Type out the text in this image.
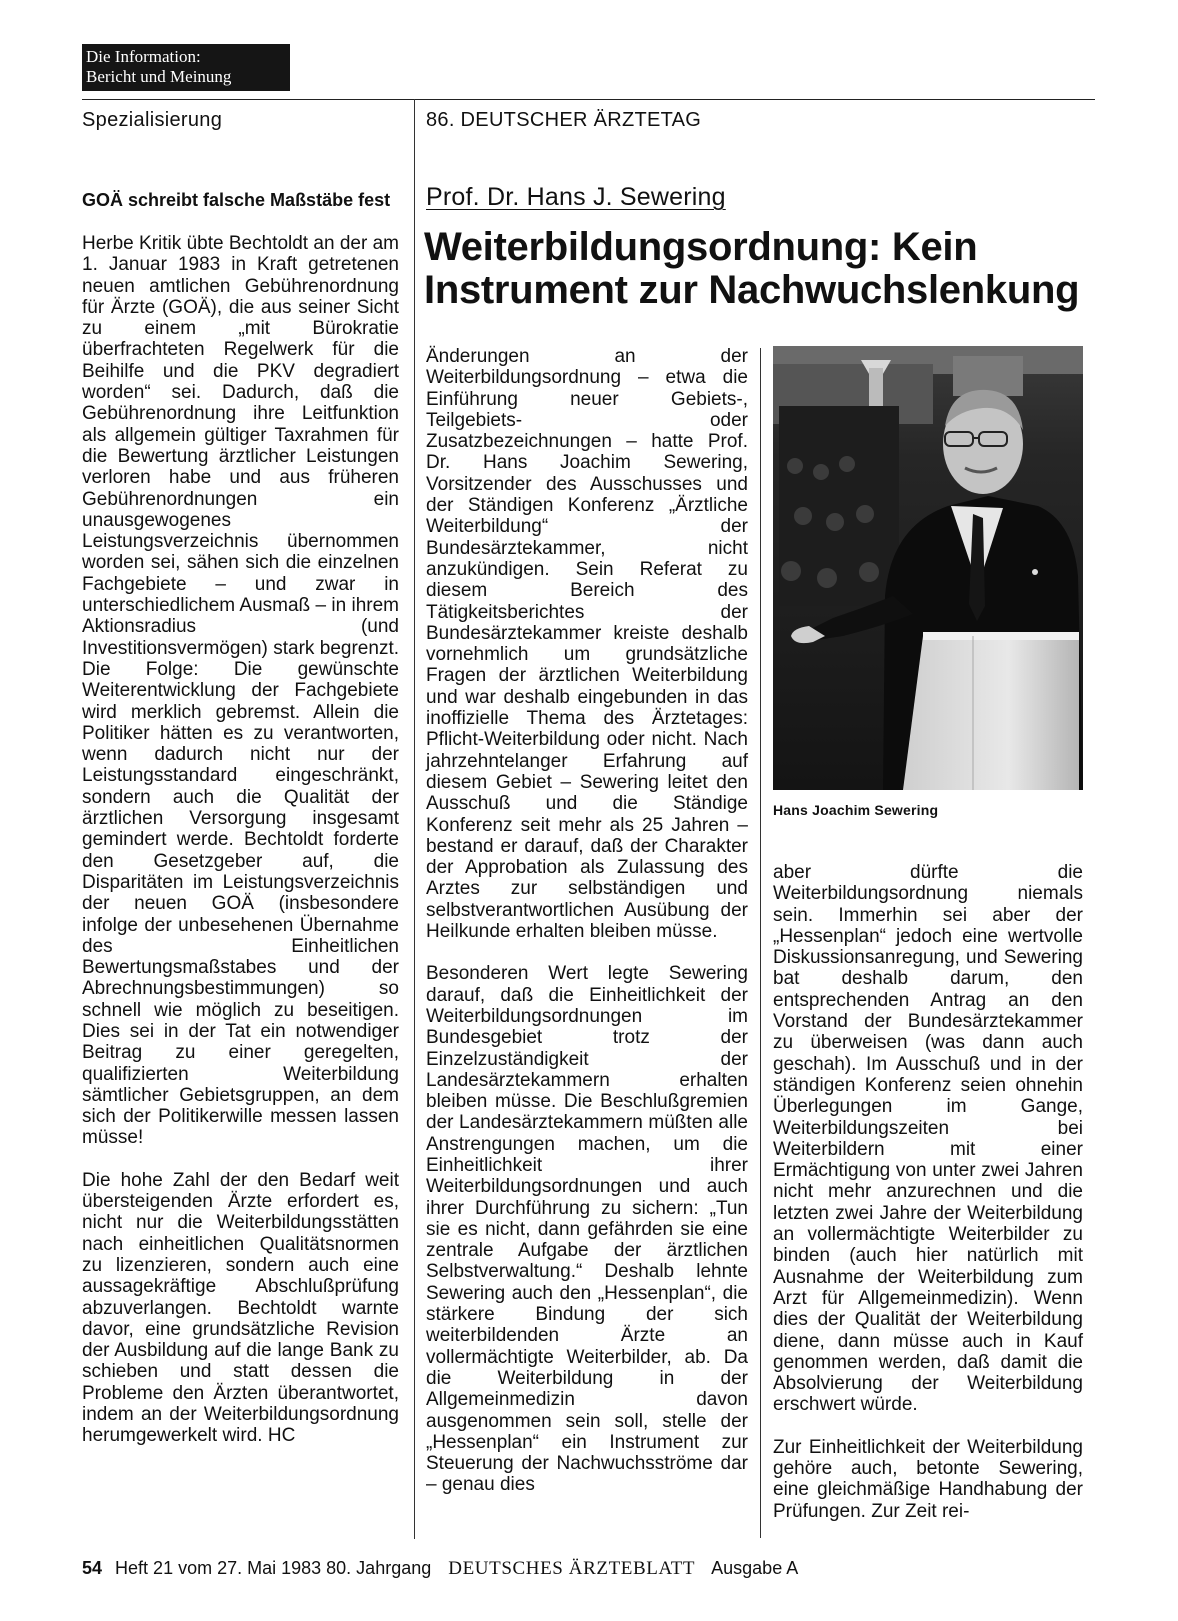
Die Information:
Bericht und Meinung
Spezialisierung	86. DEUTSCHER ÄRZTETAG
GOÄ schreibt falsche Maßstäbe fest

Herbe Kritik übte Bechtoldt an der am 1. Januar 1983 in Kraft getretenen neuen amtlichen Gebührenordnung für Ärzte (GOÄ), die aus seiner Sicht zu einem „mit Bürokratie überfrachteten Regelwerk für die Beihilfe und die PKV degradiert worden“ sei. Dadurch, daß die Gebührenordnung ihre Leitfunktion als allgemein gültiger Taxrahmen für die Bewertung ärztlicher Leistungen verloren habe und aus früheren Gebührenordnungen ein unausgewogenes Leistungsverzeichnis übernommen worden sei, sähen sich die einzelnen Fachgebiete – und zwar in unterschiedlichem Ausmaß – in ihrem Aktionsradius (und Investitionsvermögen) stark begrenzt. Die Folge: Die gewünschte Weiterentwicklung der Fachgebiete wird merklich gebremst. Allein die Politiker hätten es zu verantworten, wenn dadurch nicht nur der Leistungsstandard eingeschränkt, sondern auch die Qualität der ärztlichen Versorgung insgesamt gemindert werde. Bechtoldt forderte den Gesetzgeber auf, die Disparitäten im Leistungsverzeichnis der neuen GOÄ (insbesondere infolge der unbesehenen Übernahme des Einheitlichen Bewertungsmaßstabes und der Abrechnungsbestimmungen) so schnell wie möglich zu beseitigen. Dies sei in der Tat ein notwendiger Beitrag zu einer geregelten, qualifizierten Weiterbildung sämtlicher Gebietsgruppen, an dem sich der Politikerwille messen lassen müsse!

Die hohe Zahl der den Bedarf weit übersteigenden Ärzte erfordert es, nicht nur die Weiterbildungsstätten nach einheitlichen Qualitätsnormen zu lizenzieren, sondern auch eine aussagekräftige Abschlußprüfung abzuverlangen. Bechtoldt warnte davor, eine grundsätzliche Revision der Ausbildung auf die lange Bank zu schieben und statt dessen die Probleme den Ärzten überantwortet, indem an der Weiterbildungsordnung herumgewerkelt wird. HC

Prof. Dr. Hans J. Sewering
Weiterbildungsordnung: Kein Instrument zur Nachwuchslenkung

Änderungen an der Weiterbildungsordnung – etwa die Einführung neuer Gebiets-, Teilgebiets- oder Zusatzbezeichnungen – hatte Prof. Dr. Hans Joachim Sewering, Vorsitzender des Ausschusses und der Ständigen Konferenz „Ärztliche Weiterbildung“ der Bundesärztekammer, nicht anzukündigen. Sein Referat zu diesem Bereich des Tätigkeitsberichtes der Bundesärztekammer kreiste deshalb vornehmlich um grundsätzliche Fragen der ärztlichen Weiterbildung und war deshalb eingebunden in das inoffizielle Thema des Ärztetages: Pflicht-Weiterbildung oder nicht. Nach jahrzehntelanger Erfahrung auf diesem Gebiet – Sewering leitet den Ausschuß und die Ständige Konferenz seit mehr als 25 Jahren – bestand er darauf, daß der Charakter der Approbation als Zulassung des Arztes zur selbständigen und selbstverantwortlichen Ausübung der Heilkunde erhalten bleiben müsse.

Besonderen Wert legte Sewering darauf, daß die Einheitlichkeit der Weiterbildungsordnungen im Bundesgebiet trotz der Einzelzuständigkeit der Landesärztekammern erhalten bleiben müsse. Die Beschlußgremien der Landesärztekammern müßten alle Anstrengungen machen, um die Einheitlichkeit ihrer Weiterbildungsordnungen und auch ihrer Durchführung zu sichern: „Tun sie es nicht, dann gefährden sie eine zentrale Aufgabe der ärztlichen Selbstverwaltung.“ Deshalb lehnte Sewering auch den „Hessenplan“, die stärkere Bindung der sich weiterbildenden Ärzte an vollermächtigte Weiterbilder, ab. Da die Weiterbildung in der Allgemeinmedizin davon ausgenommen sein soll, stelle der „Hessenplan“ ein Instrument zur Steuerung der Nachwuchsströme dar – genau dies

Hans Joachim Sewering

aber dürfte die Weiterbildungsordnung niemals sein. Immerhin sei aber der „Hessenplan“ jedoch eine wertvolle Diskussionsanregung, und Sewering bat deshalb darum, den entsprechenden Antrag an den Vorstand der Bundesärztekammer zu überweisen (was dann auch geschah). Im Ausschuß und in der ständigen Konferenz seien ohnehin Überlegungen im Gange, Weiterbildungszeiten bei Weiterbildern mit einer Ermächtigung von unter zwei Jahren nicht mehr anzurechnen und die letzten zwei Jahre der Weiterbildung an vollermächtigte Weiterbilder zu binden (auch hier natürlich mit Ausnahme der Weiterbildung zum Arzt für Allgemeinmedizin). Wenn dies der Qualität der Weiterbildung diene, dann müsse auch in Kauf genommen werden, daß damit die Absolvierung der Weiterbildung erschwert würde.

Zur Einheitlichkeit der Weiterbildung gehöre auch, betonte Sewering, eine gleichmäßige Handhabung der Prüfungen. Zur Zeit rei-

54 Heft 21 vom 27. Mai 1983 80. Jahrgang DEUTSCHES ÄRZTEBLATT Ausgabe A
